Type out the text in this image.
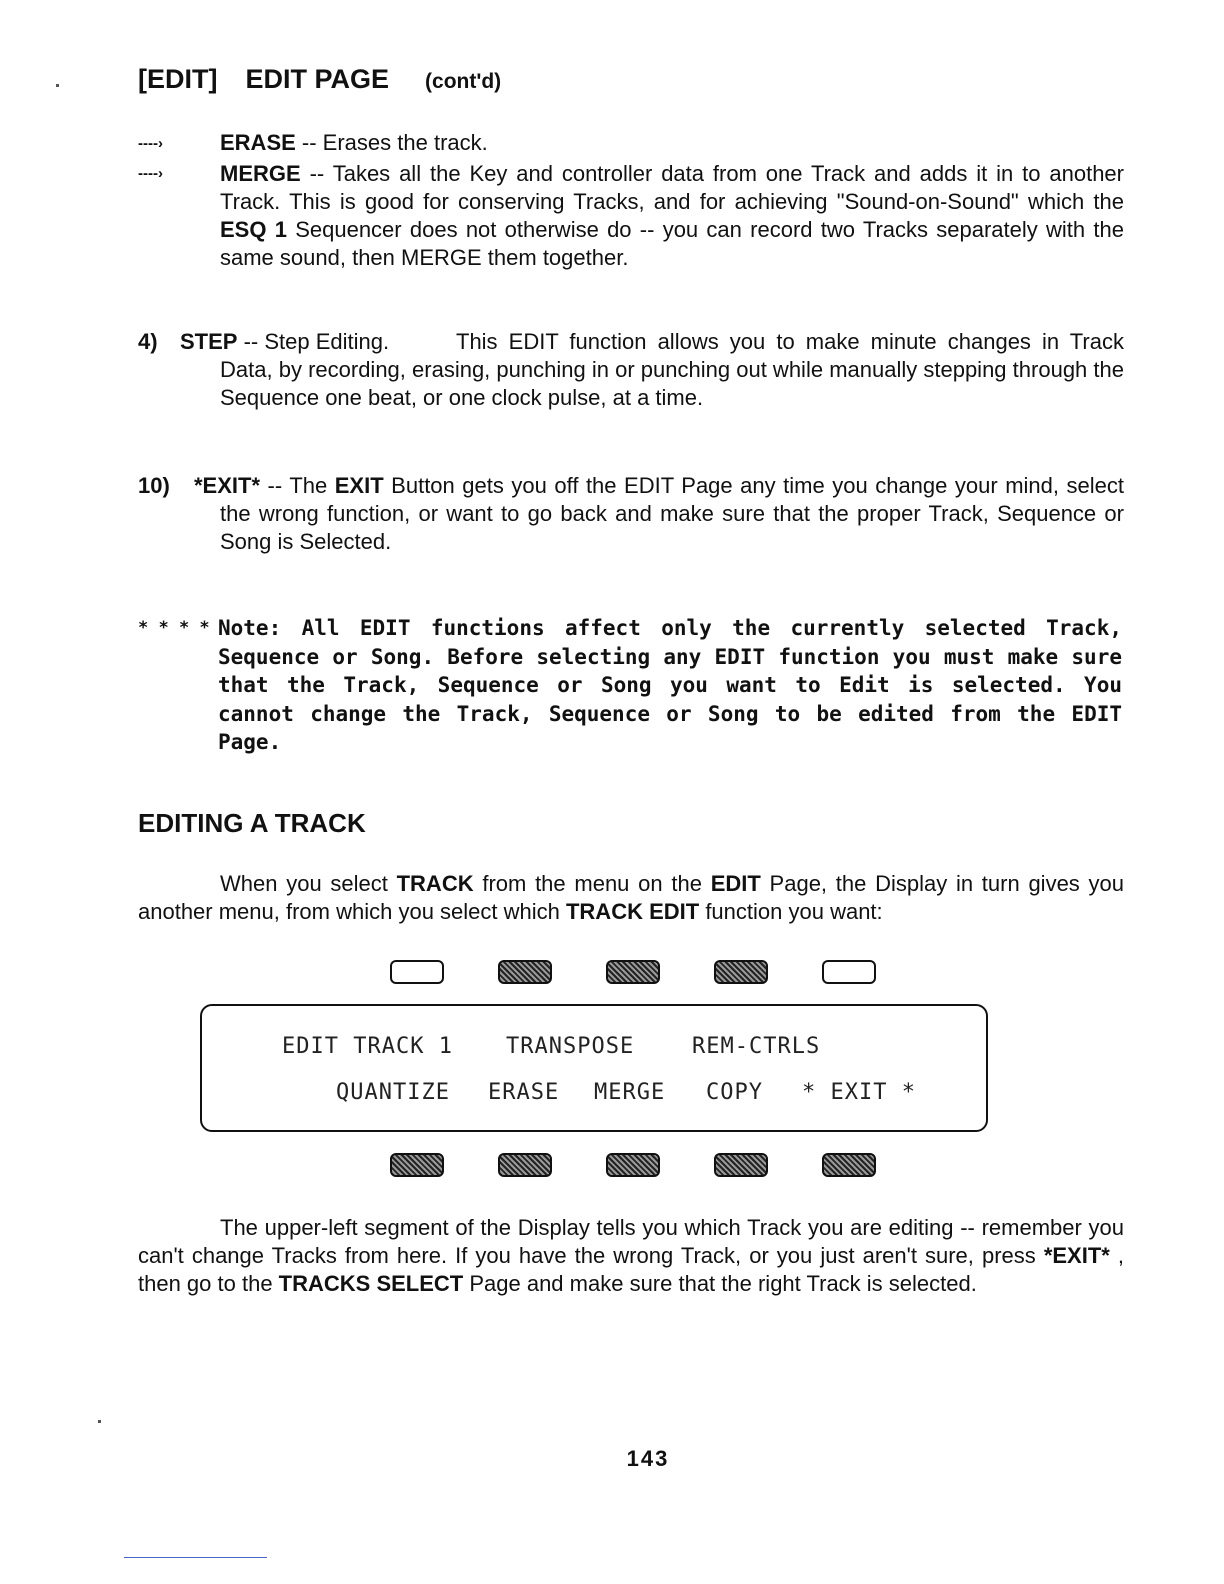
[EDIT] EDIT PAGE (cont'd)
----›	ERASE -- Erases the track.
----›	MERGE -- Takes all the Key and controller data from one Track and adds it in to another Track. This is good for conserving Tracks, and for achieving "Sound-on-Sound" which the ESQ 1 Sequencer does not otherwise do -- you can record two Tracks separately with the same sound, then MERGE them together.
4) STEP -- Step Editing.	This EDIT function allows you to make minute changes in Track Data, by recording, erasing, punching in or punching out while manually stepping through the Sequence one beat, or one clock pulse, at a time.
10) *EXIT* -- The EXIT Button gets you off the EDIT Page any time you change your mind, select the wrong function, or want to go back and make sure that the proper Track, Sequence or Song is Selected.
* * * * Note: All EDIT functions affect only the currently selected Track, Sequence or Song. Before selecting any EDIT function you must make sure that the Track, Sequence or Song you want to Edit is selected. You cannot change the Track, Sequence or Song to be edited from the EDIT Page.
EDITING A TRACK
When you select TRACK from the menu on the EDIT Page, the Display in turn gives you another menu, from which you select which TRACK EDIT function you want:
EDIT TRACK 1 TRANSPOSE	REM-CTRLS
QUANTIZE ERASE MERGE COPY * EXIT *
The upper-left segment of the Display tells you which Track you are editing -- remember you can't change Tracks from here. If you have the wrong Track, or you just aren't sure, press *EXIT* , then go to the TRACKS SELECT Page and make sure that the right Track is selected.
143
